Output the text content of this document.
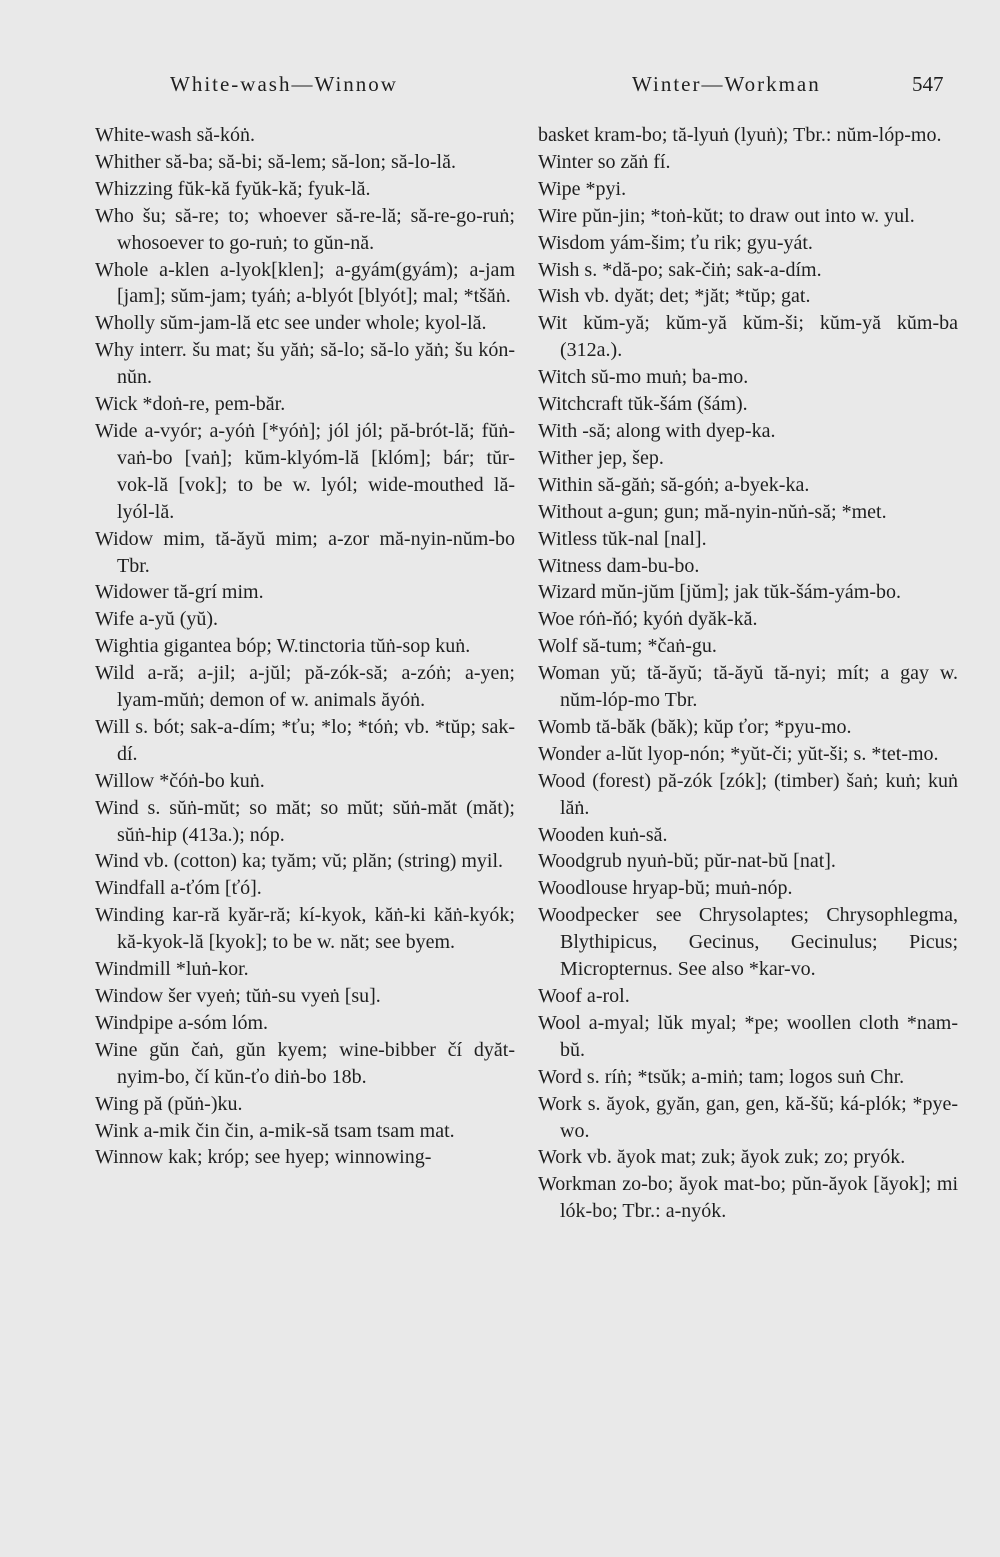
White-wash—Winnow	Winter—Workman	547

White-wash să-kóṅ.

Whither să-ba; să-bi; să-lem; să-lon; să-lo-lă.

Whizzing fŭk-kă fyŭk-kă; fyuk-lă.

Who šu; să-re; to; whoever să-re-lă; să-re-go-ruṅ; whosoever to go-ruṅ; to gŭn-nă.

Whole a-klen a-lyok[klen]; a-gyám(gyám); a-jam [jam]; sŭm-jam; tyáṅ; a-blyót [blyót]; mal; *tšăṅ.

Wholly sŭm-jam-lă etc see under whole; kyol-lă.

Why interr. šu mat; šu yăṅ; să-lo; să-lo yăṅ; šu kón-nŭn.

Wick *doṅ-re, pem-băr.

Wide a-vyór; a-yóṅ [*yóṅ]; jól jól; pă-brót-lă; fŭṅ-vaṅ-bo [vaṅ]; kŭm-klyóm-lă [klóm]; bár; tŭr-vok-lă [vok]; to be w. lyól; wide-mouthed lă-lyól-lă.

Widow mim, tă-ăyŭ mim; a-zor mă-nyin-nŭm-bo Tbr.

Widower tă-grí mim.

Wife a-yŭ (yŭ).

Wightia gigantea bóp; W.tinctoria tŭṅ-sop kuṅ.

Wild a-ră; a-jil; a-jŭl; pă-zók-să; a-zóṅ; a-yen; lyam-mŭṅ; demon of w. animals ăyóṅ.

Will s. bót; sak-a-dím; *ťu; *lo; *tóṅ; vb. *tŭp; sak-dí.

Willow *čóṅ-bo kuṅ.

Wind s. sŭṅ-mŭt; so măt; so mŭt; sŭṅ-măt (măt); sŭṅ-hip (413a.); nóp.

Wind vb. (cotton) ka; tyăm; vŭ; plăn; (string) myil.

Windfall a-ťóm [ťó].

Winding kar-ră kyăr-ră; kí-kyok, kăṅ-ki kăṅ-kyók; kă-kyok-lă [kyok]; to be w. năt; see byem.

Windmill *luṅ-kor.

Window šer vyeṅ; tŭṅ-su vyeṅ [su].

Windpipe a-sóm lóm.

Wine gŭn čaṅ, gŭn kyem; wine-bibber čí dyăt-nyim-bo, čí kŭn-ťo diṅ-bo 18b.

Wing pă (pŭṅ-)ku.

Wink a-mik čin čin, a-mik-să tsam tsam mat.

Winnow kak; króp; see hyep; winnowing-

basket kram-bo; tă-lyuṅ (lyuṅ); Tbr.: nŭm-lóp-mo.

Winter so zăṅ fí.

Wipe *pyi.

Wire pŭn-jin; *toṅ-kŭt; to draw out into w. yul.

Wisdom yám-šim; ťu rik; gyu-yát.

Wish s. *dă-po; sak-čiṅ; sak-a-dím.

Wish vb. dyăt; det; *jăt; *tŭp; gat.

Wit kŭm-yă; kŭm-yă kŭm-ši; kŭm-yă kŭm-ba (312a.).

Witch sŭ-mo muṅ; ba-mo.

Witchcraft tŭk-šám (šám).

With -să; along with dyep-ka.

Wither jep, šep.

Within să-găṅ; să-góṅ; a-byek-ka.

Without a-gun; gun; mă-nyin-nŭṅ-să; *met.

Witless tŭk-nal [nal].

Witness dam-bu-bo.

Wizard mŭn-jŭm [jŭm]; jak tŭk-šám-yám-bo.

Woe róṅ-ňó; kyóṅ dyăk-kă.

Wolf să-tum; *čaṅ-gu.

Woman yŭ; tă-ăyŭ; tă-ăyŭ tă-nyi; mít; a gay w. nŭm-lóp-mo Tbr.

Womb tă-băk (băk); kŭp ťor; *pyu-mo.

Wonder a-lŭt lyop-nón; *yŭt-či; yŭt-ši; s. *tet-mo.

Wood (forest) pă-zók [zók]; (timber) šaṅ; kuṅ; kuṅ lăṅ.

Wooden kuṅ-să.

Woodgrub nyuṅ-bŭ; pŭr-nat-bŭ [nat].

Woodlouse hryap-bŭ; muṅ-nóp.

Woodpecker see Chrysolaptes; Chrysophlegma, Blythipicus, Gecinus, Gecinulus; Picus; Micropternus. See also *kar-vo.

Woof a-rol.

Wool a-myal; lŭk myal; *pe; woollen cloth *nam-bŭ.

Word s. ríṅ; *tsŭk; a-miṅ; tam; logos suṅ Chr.

Work s. ăyok, gyăn, gan, gen, kă-šŭ; ká-plók; *pye-wo.

Work vb. ăyok mat; zuk; ăyok zuk; zo; pryók.

Workman zo-bo; ăyok mat-bo; pŭn-ăyok [ăyok]; mi lók-bo; Tbr.: a-nyók.
